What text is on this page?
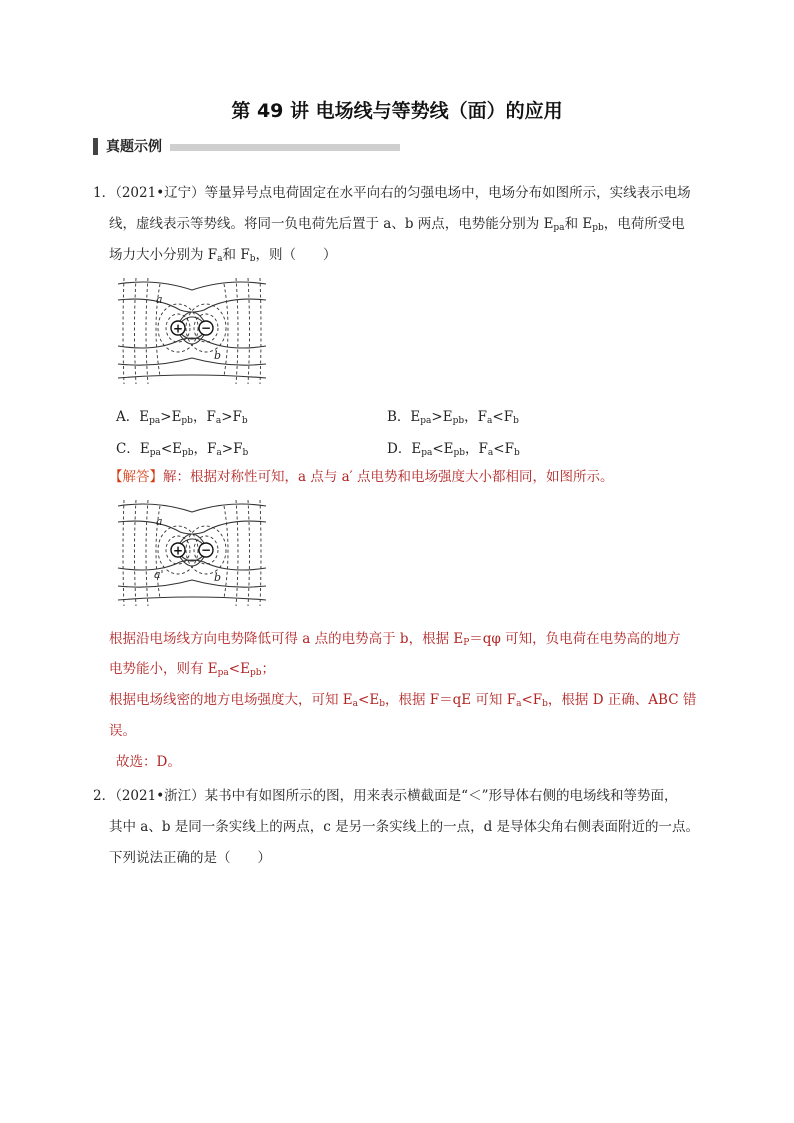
第 49 讲 电场线与等势线（面）的应用
真题示例
1．（2021•辽宁）等量异号点电荷固定在水平向右的匀强电场中，电场分布如图所示，实线表示电场
线，虚线表示等势线。将同一负电荷先后置于 a、b 两点，电势能分别为 $E_{pa}$和 $E_{pb}$，电荷所受电
场力大小分别为 $F_a$和 $F_b$，则（　　）
+ −
a
b
A．$E_{pa}>E_{pb}$，$F_a>F_b$	B．$E_{pa}>E_{pb}$，$F_a<F_b$
C．$E_{pa}<E_{pb}$，$F_a>F_b$	D．$E_{pa}<E_{pb}$，$F_a<F_b$
【解答】解：根据对称性可知，a 点与 a′ 点电势和电场强度大小都相同，如图所示。
+ −
a
a'	b
根据沿电场线方向电势降低可得 a 点的电势高于 b，根据 $E_P=q\varphi$ 可知，负电荷在电势高的地方
电势能小，则有 $E_{pa}<E_{pb}$；
根据电场线密的地方电场强度大，可知 $E_a<E_b$，根据 F＝qE 可知 $F_a<F_b$，根据 D 正确、ABC 错
误。
故选：D。
2．（2021•浙江）某书中有如图所示的图，用来表示横截面是“＜”形导体右侧的电场线和等势面，
其中 a、b 是同一条实线上的两点，c 是另一条实线上的一点，d 是导体尖角右侧表面附近的一点。
下列说法正确的是（　　）
